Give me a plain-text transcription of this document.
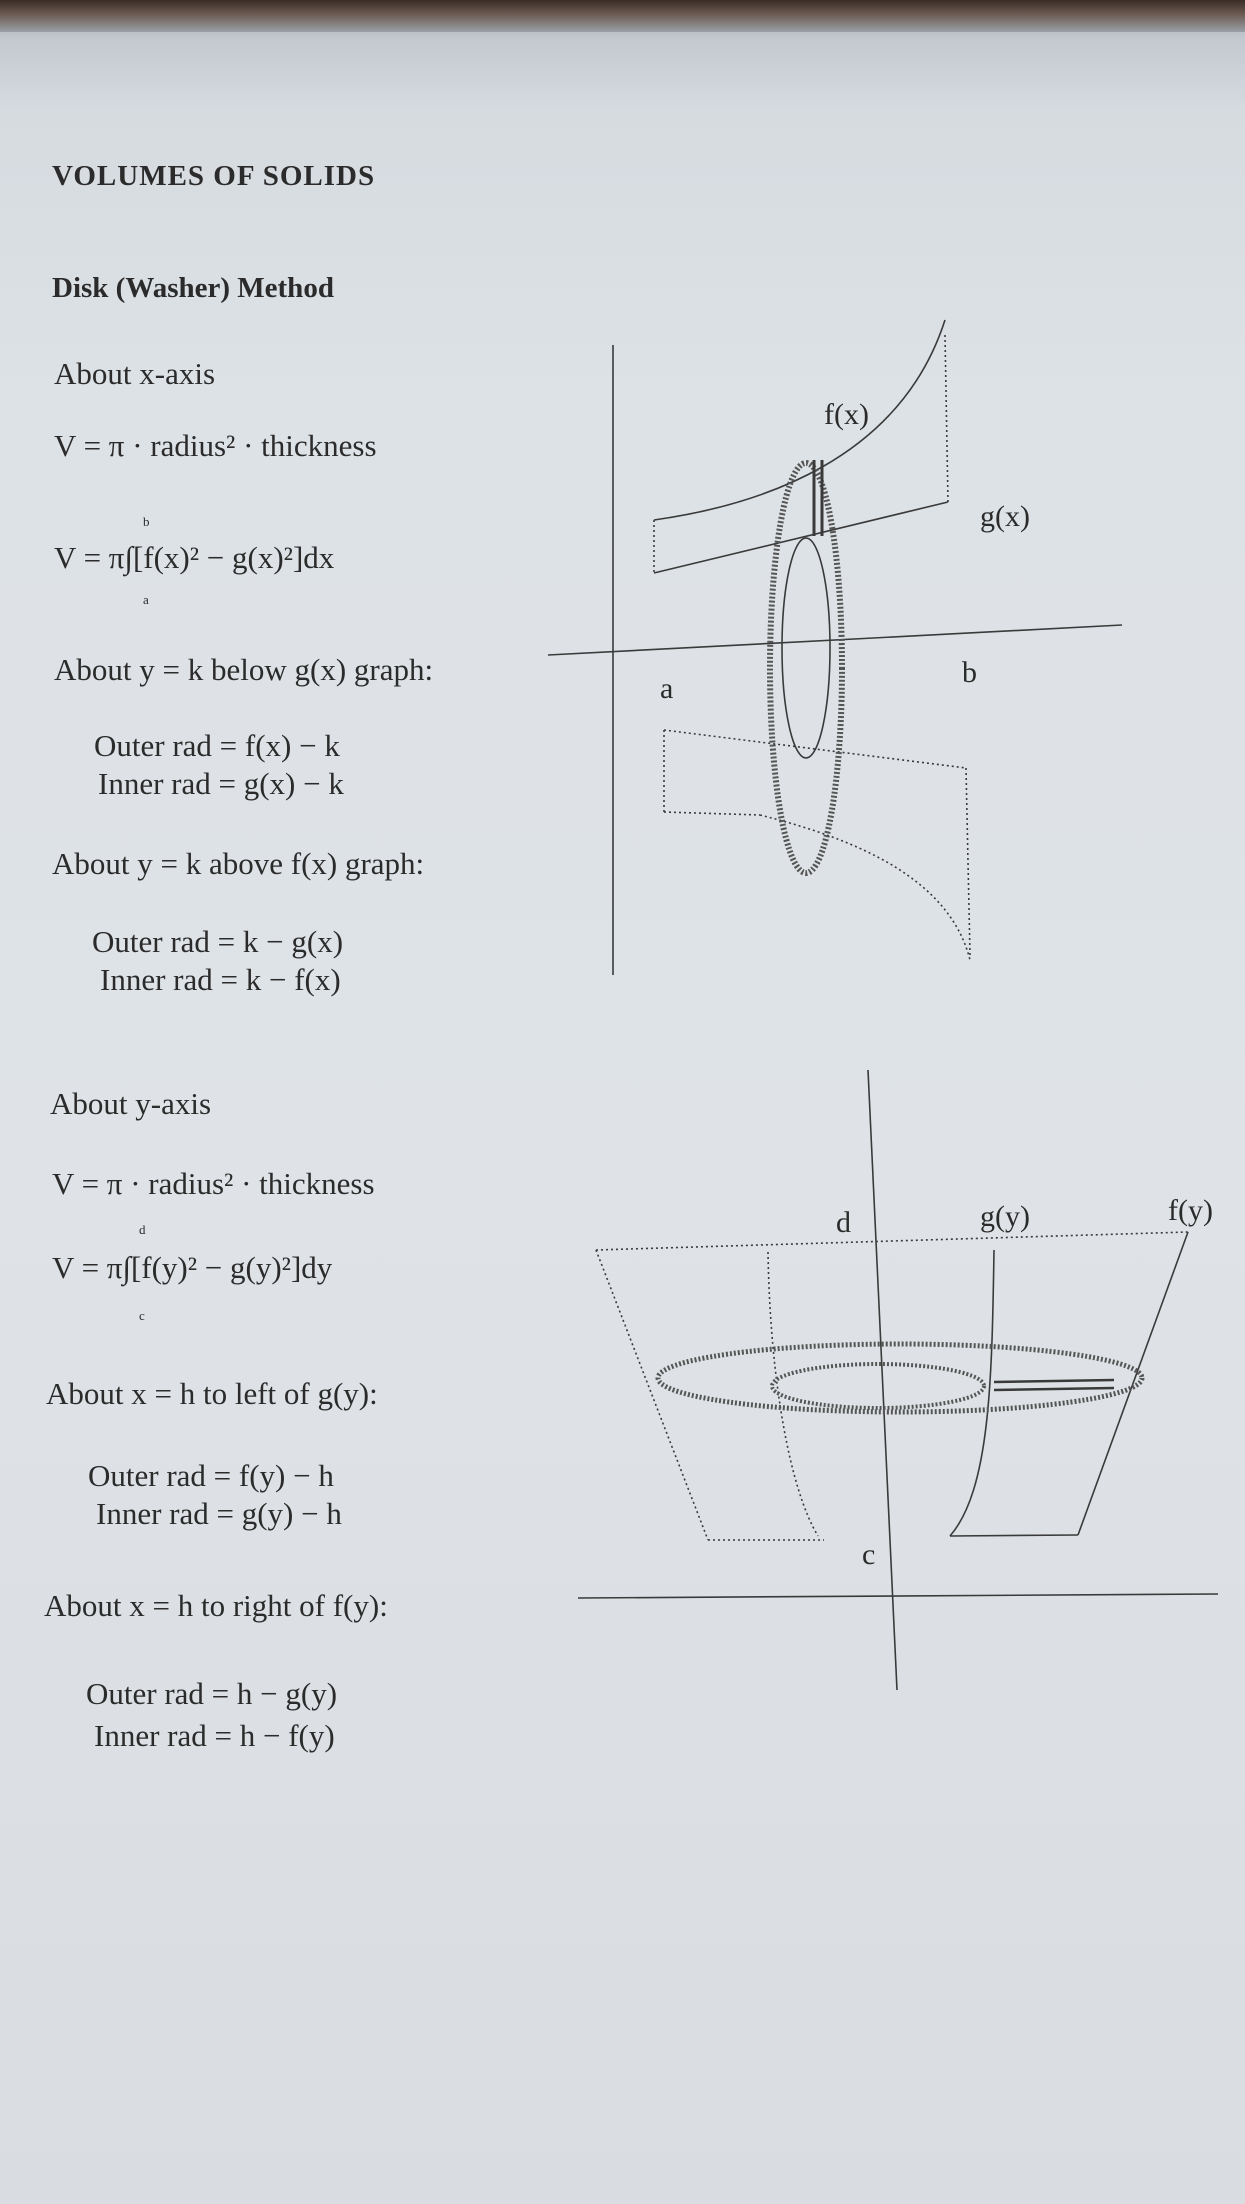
VOLUMES OF SOLIDS
Disk (Washer) Method
About x-axis
V = π · radius² · thickness
V = π∫[f(x)² − g(x)²]dx
b
a
About y = k below g(x) graph:
Outer rad = f(x) − k
Inner rad = g(x) − k
About y = k above f(x) graph:
Outer rad = k − g(x)
Inner rad = k − f(x)
About y-axis
V = π · radius² · thickness
V = π∫[f(y)² − g(y)²]dy
d
c
About x = h to left of g(y):
Outer rad = f(y) − h
Inner rad = g(y) − h
About x = h to right of f(y):
Outer rad = h − g(y)
Inner rad = h − f(y)
f(x)
g(x)
a	b
d
c
g(y)	f(y)
